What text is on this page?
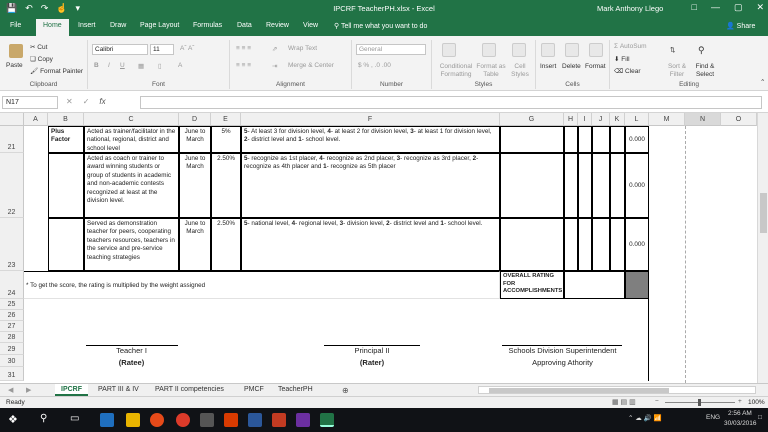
💾 ↶ ↷ ☝ ▾	IPCRF TeacherPH.xlsx - Excel	Mark Anthony Llego	□ — ▢ ✕
File	Home	Insert Draw Page Layout Formulas Data Review View ⚲ Tell me what you want to do	👤 Share
Paste
✂ Cut
❏ Copy
🖌 Format Painter
Clipboard
Calibri	11	Aˆ Aˇ
B I U ▦ ▯	A
Font
≡ ≡ ≡	⇗ Wrap Text
≡ ≡ ≡	⇥ Merge & Center
Alignment
General
$ % , .0 .00
Number
Conditional Formatting
Format as Table
Cell Styles
Styles
Insert Delete Format
Cells
Σ AutoSum
⬇ Fill
⌫ Clear
Sort & Filter
⇅
Find & Select
⚲
⌃
Editing
N17	✕ ✓ fx
A	B	C	D	E	F	G	H	I	J	K	L	M	N	O
21
22
23
24
25
26
27
28
29
30
31
Plus Factor
Acted as trainer/facilitator in the national, regional, district and school level
June to March
5%	5- At least 3 for division level, 4- at least 2 for division level, 3- at least 1 for division level, 2- district level and 1- school level.	0.000
Acted as coach or trainer to award winning students or group of students in academic and non-academic contests recognized at least at the division level.
June to March
2.50%	5- recognize as 1st placer, 4- recognize as 2nd placer, 3- recognize as 3rd placer, 2- recognize as 4th placer and 1- recognize as 5th placer
0.000
Served as demonstration teacher for peers, cooperating teachers resources, teachers in the service and pre-service teaching strategies
June to March
2.50%	5- national level, 4- regional level, 3- division level, 2- district level and 1- school level.
0.000
* To get the score, the rating is multiplied by the weight assigned
OVERALL RATING FOR ACCOMPLISHMENTS
Teacher I
(Ratee)
Principal II
(Rater)
Schools Division Superintendent
Approving Athority
◀	▶	IPCRF	PART III & IV	PART II competencies	PMCF	TeacherPH	⊕
Ready	▦ ▤ ▥	−	+ 100%
❖ ⚲ ▭	⌃ ☁ 🔊 📶	ENG
2:56 AM
30/03/2016
□
